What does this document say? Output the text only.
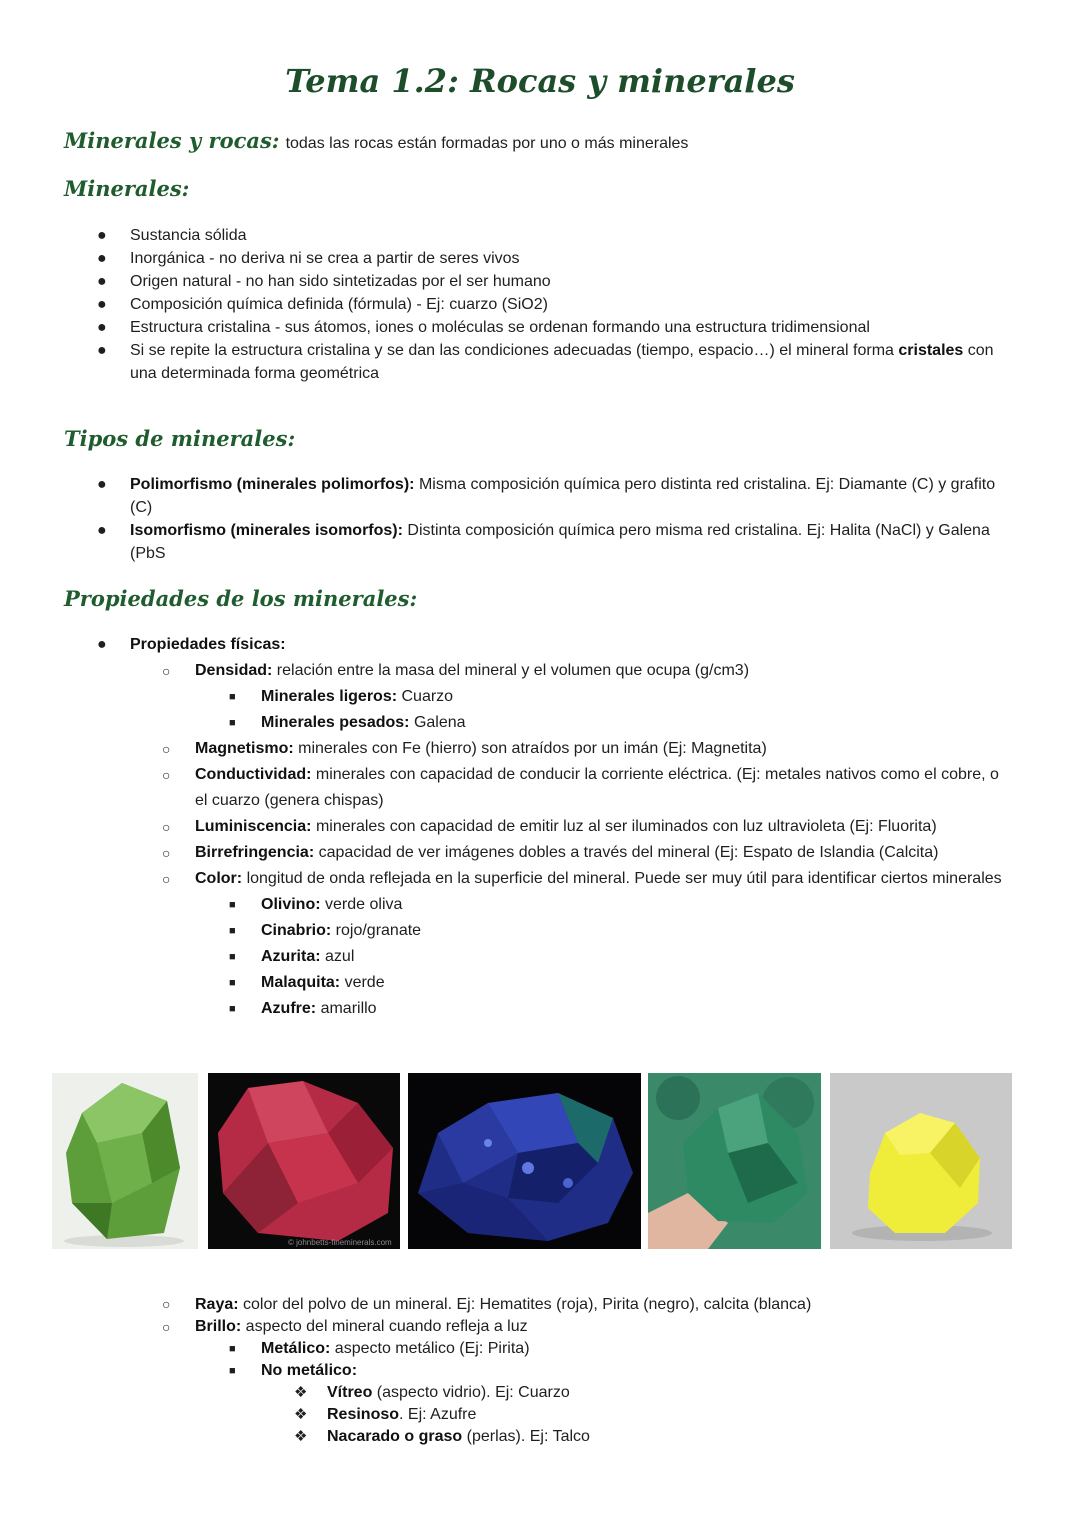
Tema 1.2: Rocas y minerales
Minerales y rocas: todas las rocas están formadas por uno o más minerales
Minerales:
● Sustancia sólida
● Inorgánica - no deriva ni se crea a partir de seres vivos
● Origen natural - no han sido sintetizadas por el ser humano
● Composición química definida (fórmula) - Ej: cuarzo (SiO2)
● Estructura cristalina - sus átomos, iones o moléculas se ordenan formando una estructura tridimensional
● Si se repite la estructura cristalina y se dan las condiciones adecuadas (tiempo, espacio…) el mineral forma cristales con una determinada forma geométrica
Tipos de minerales:
● Polimorfismo (minerales polimorfos): Misma composición química pero distinta red cristalina. Ej: Diamante (C) y grafito (C)
● Isomorfismo (minerales isomorfos): Distinta composición química pero misma red cristalina. Ej: Halita (NaCl) y Galena (PbS
Propiedades de los minerales:
● Propiedades físicas:
○ Densidad: relación entre la masa del mineral y el volumen que ocupa (g/cm3)
■ Minerales ligeros: Cuarzo
■ Minerales pesados: Galena
○ Magnetismo: minerales con Fe (hierro) son atraídos por un imán (Ej: Magnetita)
○ Conductividad: minerales con capacidad de conducir la corriente eléctrica. (Ej: metales nativos como el cobre, o el cuarzo (genera chispas)
○ Luminiscencia: minerales con capacidad de emitir luz al ser iluminados con luz ultravioleta (Ej: Fluorita)
○ Birrefringencia: capacidad de ver imágenes dobles a través del mineral (Ej: Espato de Islandia (Calcita)
○ Color: longitud de onda reflejada en la superficie del mineral. Puede ser muy útil para identificar ciertos minerales
■ Olivino: verde oliva
■ Cinabrio: rojo/granate
■ Azurita: azul
■ Malaquita: verde
■ Azufre: amarillo
© johnbetts-fineminerals.com
○ Raya: color del polvo de un mineral. Ej: Hematites (roja), Pirita (negro), calcita (blanca)
○ Brillo: aspecto del mineral cuando refleja a luz
■ Metálico: aspecto metálico (Ej: Pirita)
■ No metálico:
❖ Vítreo (aspecto vidrio). Ej: Cuarzo
❖ Resinoso. Ej: Azufre
❖ Nacarado o graso (perlas). Ej: Talco
